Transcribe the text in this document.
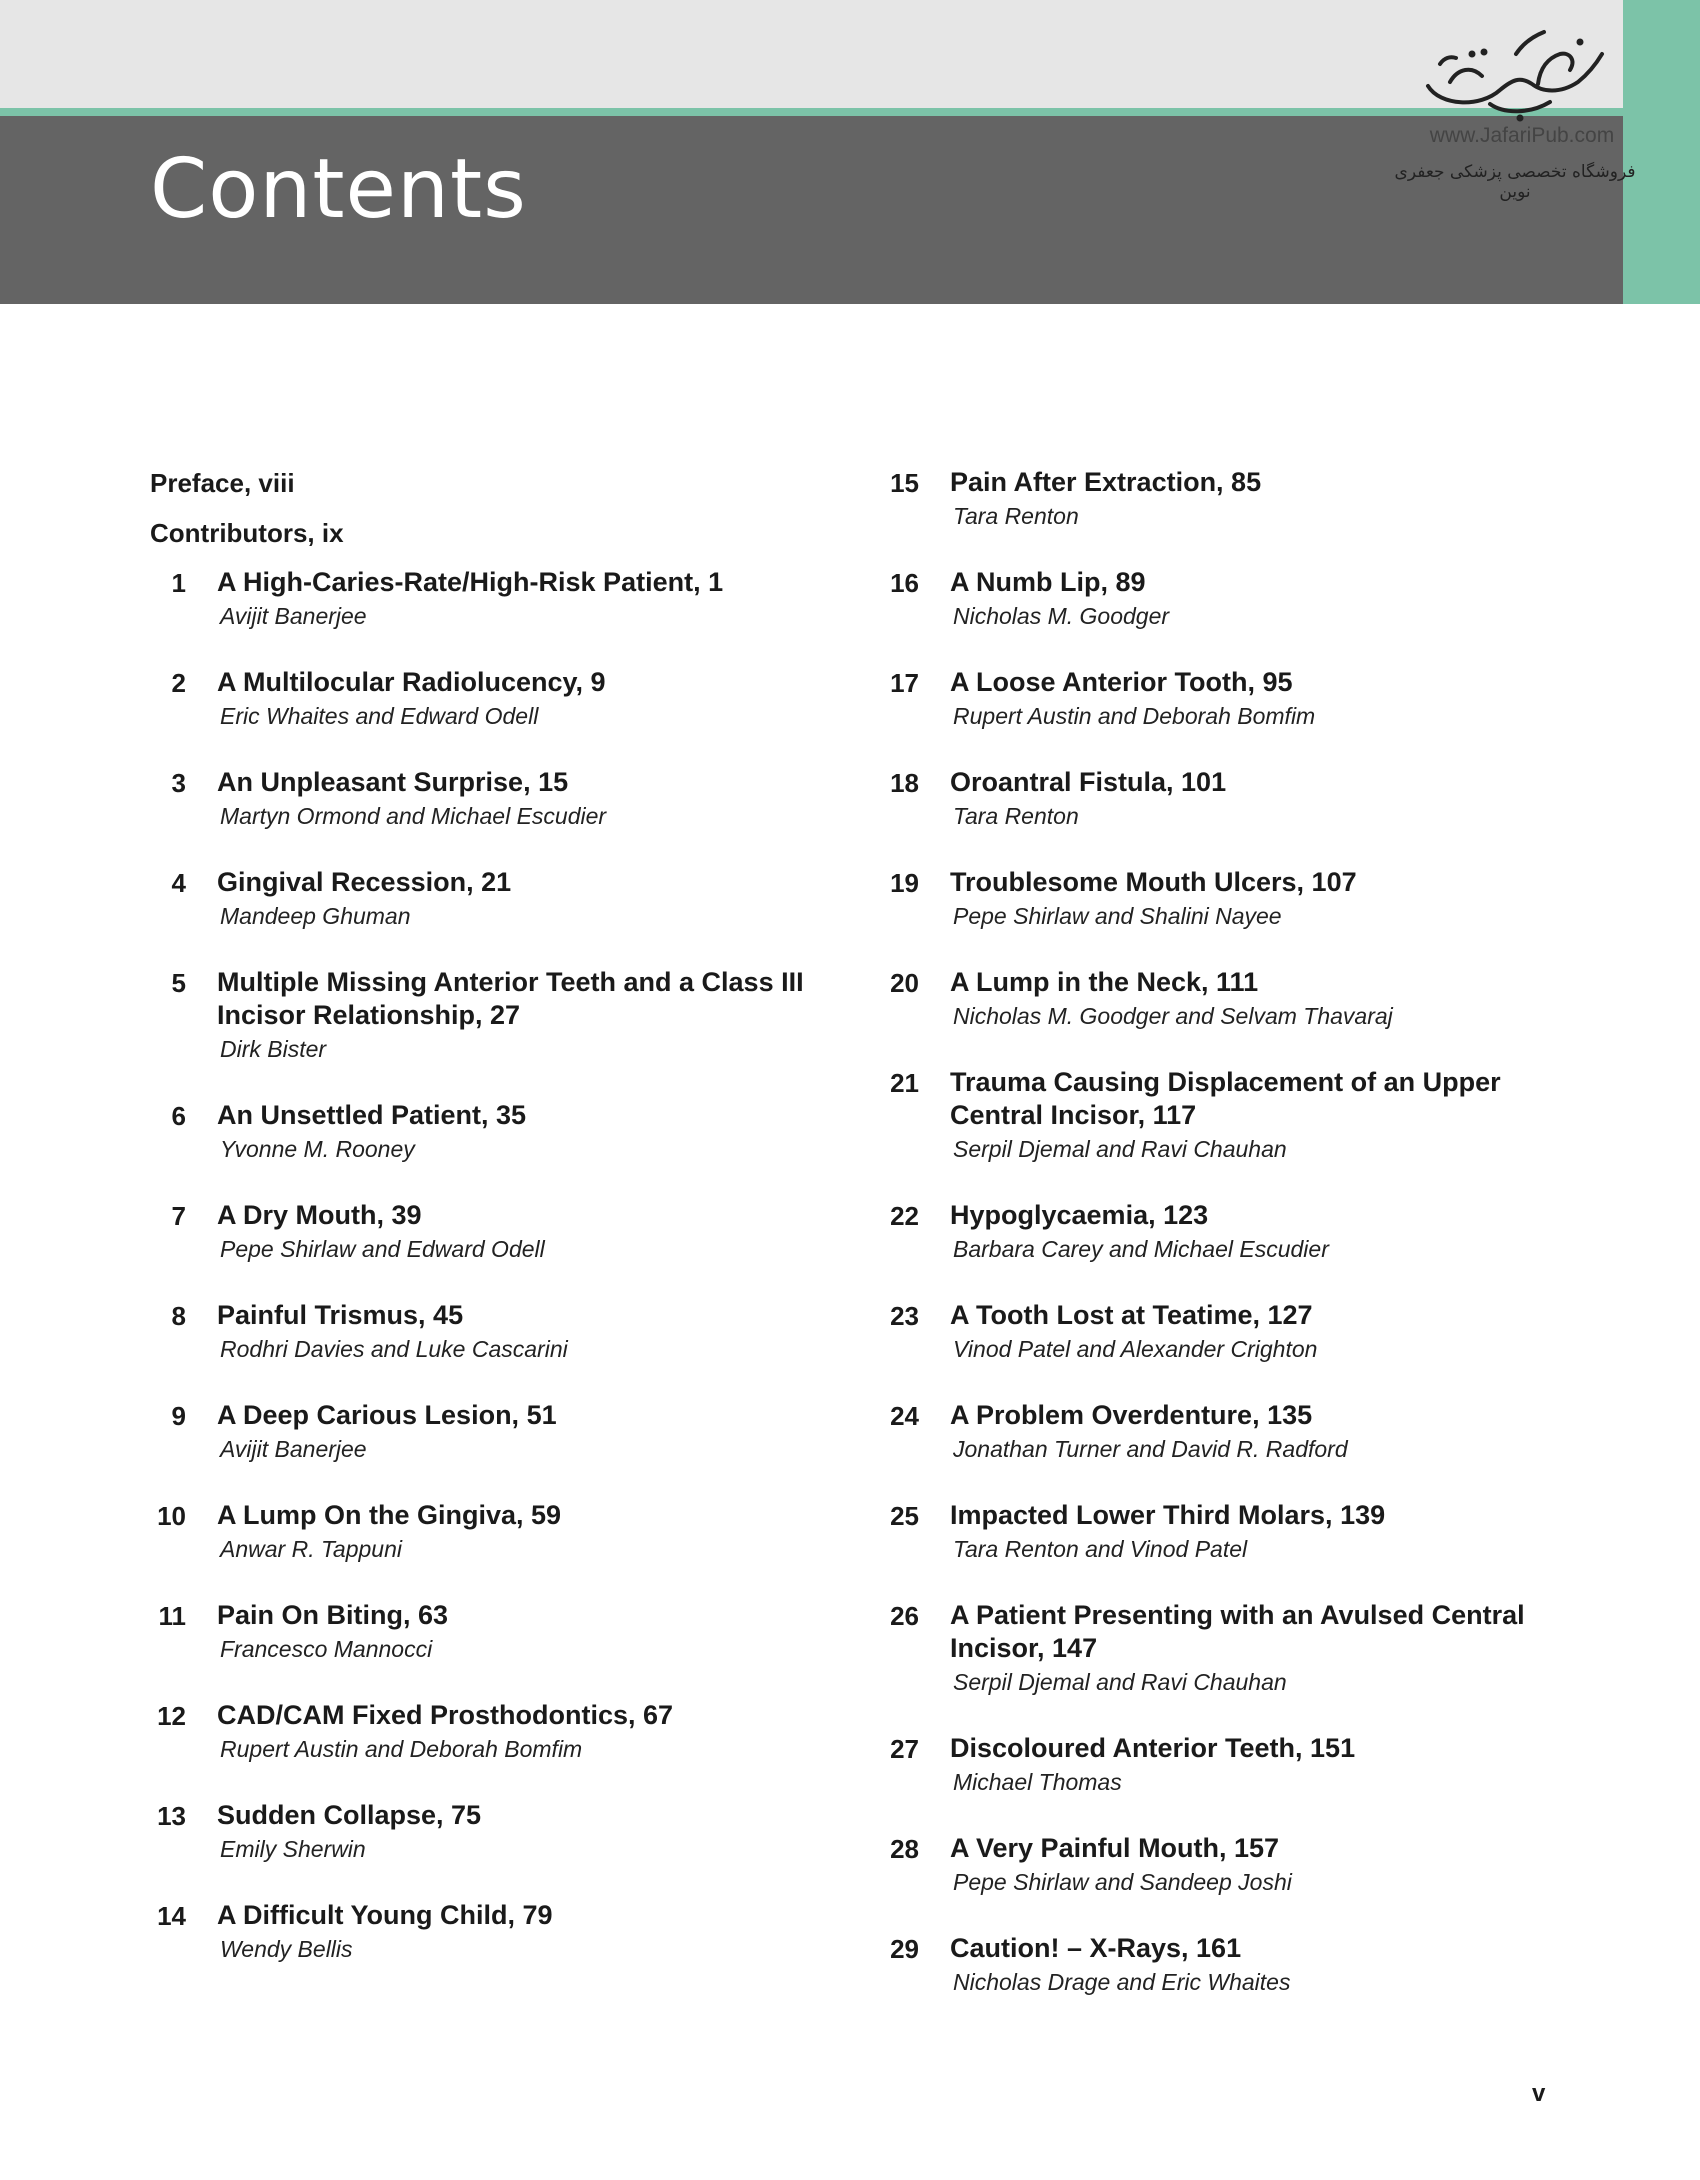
Contents
www.JafariPub.com
فروشگاه تخصصی پزشکی جعفری نوین
Preface, viii
Contributors, ix
1 A High-Caries-Rate/High-Risk Patient, 1
Avijit Banerjee
2 A Multilocular Radiolucency, 9
Eric Whaites and Edward Odell
3 An Unpleasant Surprise, 15
Martyn Ormond and Michael Escudier
4 Gingival Recession, 21
Mandeep Ghuman
5 Multiple Missing Anterior Teeth and a Class III Incisor Relationship, 27
Dirk Bister
6 An Unsettled Patient, 35
Yvonne M. Rooney
7 A Dry Mouth, 39
Pepe Shirlaw and Edward Odell
8 Painful Trismus, 45
Rodhri Davies and Luke Cascarini
9 A Deep Carious Lesion, 51
Avijit Banerjee
10 A Lump On the Gingiva, 59
Anwar R. Tappuni
11 Pain On Biting, 63
Francesco Mannocci
12 CAD/CAM Fixed Prosthodontics, 67
Rupert Austin and Deborah Bomfim
13 Sudden Collapse, 75
Emily Sherwin
14 A Difficult Young Child, 79
Wendy Bellis
15 Pain After Extraction, 85
Tara Renton
16 A Numb Lip, 89
Nicholas M. Goodger
17 A Loose Anterior Tooth, 95
Rupert Austin and Deborah Bomfim
18 Oroantral Fistula, 101
Tara Renton
19 Troublesome Mouth Ulcers, 107
Pepe Shirlaw and Shalini Nayee
20 A Lump in the Neck, 111
Nicholas M. Goodger and Selvam Thavaraj
21 Trauma Causing Displacement of an Upper Central Incisor, 117
Serpil Djemal and Ravi Chauhan
22 Hypoglycaemia, 123
Barbara Carey and Michael Escudier
23 A Tooth Lost at Teatime, 127
Vinod Patel and Alexander Crighton
24 A Problem Overdenture, 135
Jonathan Turner and David R. Radford
25 Impacted Lower Third Molars, 139
Tara Renton and Vinod Patel
26 A Patient Presenting with an Avulsed Central Incisor, 147
Serpil Djemal and Ravi Chauhan
27 Discoloured Anterior Teeth, 151
Michael Thomas
28 A Very Painful Mouth, 157
Pepe Shirlaw and Sandeep Joshi
29 Caution! – X-Rays, 161
Nicholas Drage and Eric Whaites
v
